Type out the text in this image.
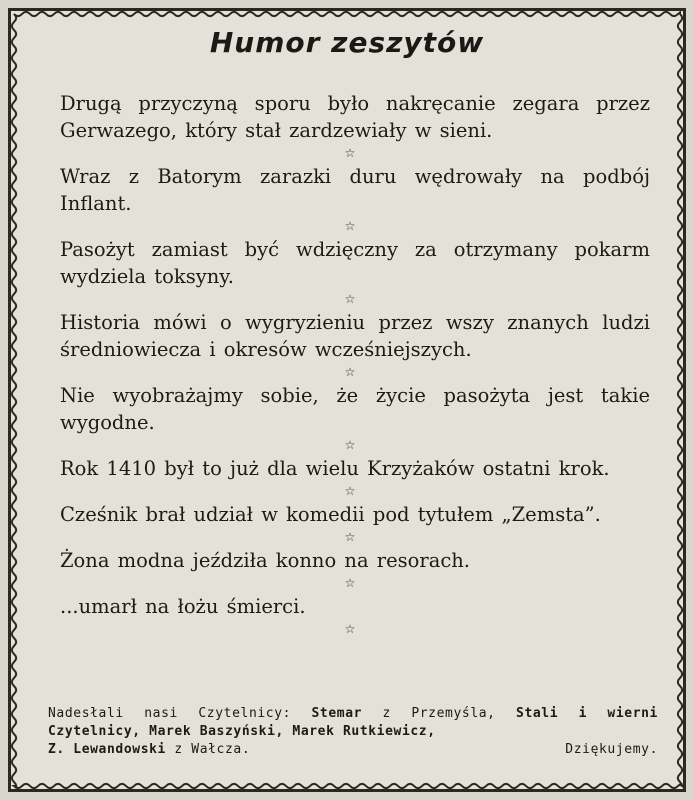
Humor zeszytów
Drugą przyczyną sporu było nakręcanie zegara przez Gerwazego, który stał zardzewiały w sieni.
☆
Wraz z Batorym zarazki duru wędrowały na podbój Inflant.
☆
Pasożyt zamiast być wdzięczny za otrzymany pokarm wydziela toksyny.
☆
Historia mówi o wygryzieniu przez wszy znanych ludzi średniowiecza i okresów wcześniejszych.
☆
Nie wyobrażajmy sobie, że życie pasożyta jest takie wygodne.
☆
Rok 1410 był to już dla wielu Krzyżaków ostatni krok.
☆
Cześnik brał udział w komedii pod tytułem „Zemsta”.
☆
Żona modna jeździła konno na resorach.
☆
...umarł na łożu śmierci.
☆
Nadesłali nasi Czytelnicy: Stemar z Przemyśla, Stali i wierni Czytelnicy, Marek Baszyński, Marek Rutkiewicz,
Z. Lewandowski z Wałcza.	Dziękujemy.
